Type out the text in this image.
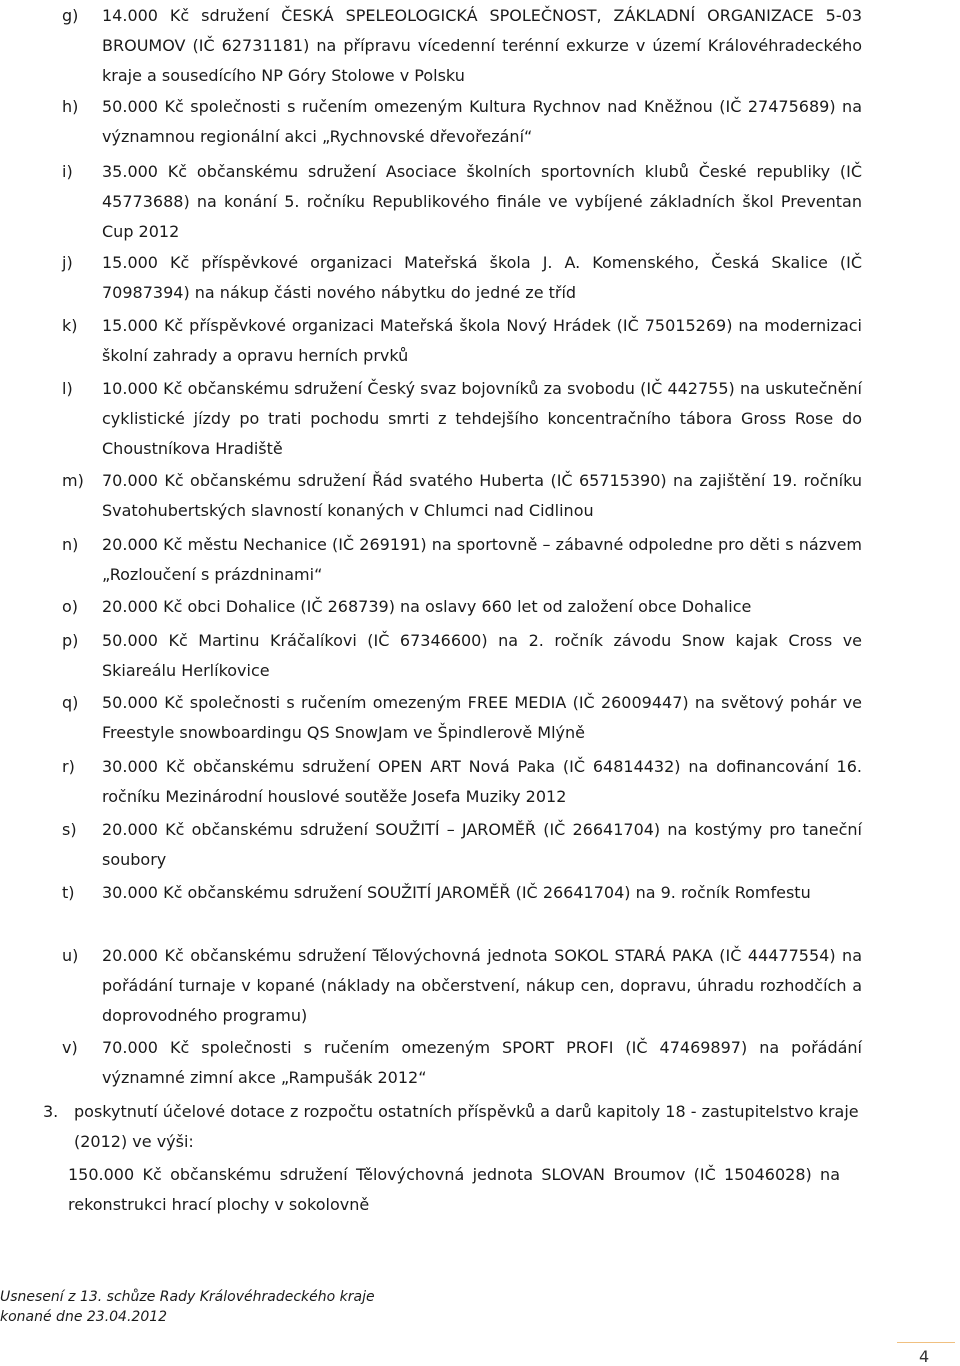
g)	14.000 Kč sdružení ČESKÁ SPELEOLOGICKÁ SPOLEČNOST, ZÁKLADNÍ ORGANIZACE 5-03 BROUMOV (IČ 62731181) na přípravu vícedenní terénní exkurze v území Královéhradeckého kraje a sousedícího NP Góry Stolowe v Polsku
h)	50.000 Kč společnosti s ručením omezeným Kultura Rychnov nad Kněžnou (IČ 27475689) na významnou regionální akci „Rychnovské dřevořezání“
i)	35.000 Kč občanskému sdružení Asociace školních sportovních klubů České republiky (IČ 45773688) na konání 5. ročníku Republikového finále ve vybíjené základních škol Preventan Cup 2012
j)	15.000 Kč příspěvkové organizaci Mateřská škola J. A. Komenského, Česká Skalice (IČ 70987394) na nákup části nového nábytku do jedné ze tříd
k)	15.000 Kč příspěvkové organizaci Mateřská škola Nový Hrádek (IČ 75015269) na modernizaci školní zahrady a opravu herních prvků
l)	10.000 Kč občanskému sdružení Český svaz bojovníků za svobodu (IČ 442755) na uskutečnění cyklistické jízdy po trati pochodu smrti z tehdejšího koncentračního tábora Gross Rose do Choustníkova Hradiště
m)	70.000 Kč občanskému sdružení Řád svatého Huberta (IČ 65715390) na zajištění 19. ročníku Svatohubertských slavností konaných v Chlumci nad Cidlinou
n)	20.000 Kč městu Nechanice (IČ 269191) na sportovně – zábavné odpoledne pro děti s názvem „Rozloučení s prázdninami“
o)	20.000 Kč obci Dohalice (IČ 268739) na oslavy 660 let od založení obce Dohalice
p)	50.000 Kč Martinu Kráčalíkovi (IČ 67346600) na 2. ročník závodu Snow kajak Cross ve Skiareálu Herlíkovice
q)	50.000 Kč společnosti s ručením omezeným FREE MEDIA (IČ 26009447) na světový pohár ve Freestyle snowboardingu QS SnowJam ve Špindlerově Mlýně
r)	30.000 Kč občanskému sdružení OPEN ART Nová Paka (IČ 64814432) na dofinancování 16. ročníku Mezinárodní houslové soutěže Josefa Muziky 2012
s)	20.000 Kč občanskému sdružení SOUŽITÍ – JAROMĚŘ (IČ 26641704) na kostýmy pro taneční soubory
t)	30.000 Kč občanskému sdružení SOUŽITÍ JAROMĚŘ (IČ 26641704) na 9. ročník Romfestu
u)	20.000 Kč občanskému sdružení Tělovýchovná jednota SOKOL STARÁ PAKA (IČ 44477554) na pořádání turnaje v kopané (náklady na občerstvení, nákup cen, dopravu, úhradu rozhodčích a doprovodného programu)
v)	70.000 Kč společnosti s ručením omezeným SPORT PROFI (IČ 47469897) na pořádání významné zimní akce „Rampušák 2012“
3. poskytnutí účelové dotace z rozpočtu ostatních příspěvků a darů kapitoly 18 - zastupitelstvo kraje (2012) ve výši:
150.000 Kč občanskému sdružení Tělovýchovná jednota SLOVAN Broumov (IČ 15046028) na rekonstrukci hrací plochy v sokolovně
Usnesení z 13. schůze Rady Královéhradeckého kraje
konané dne 23.04.2012
4
